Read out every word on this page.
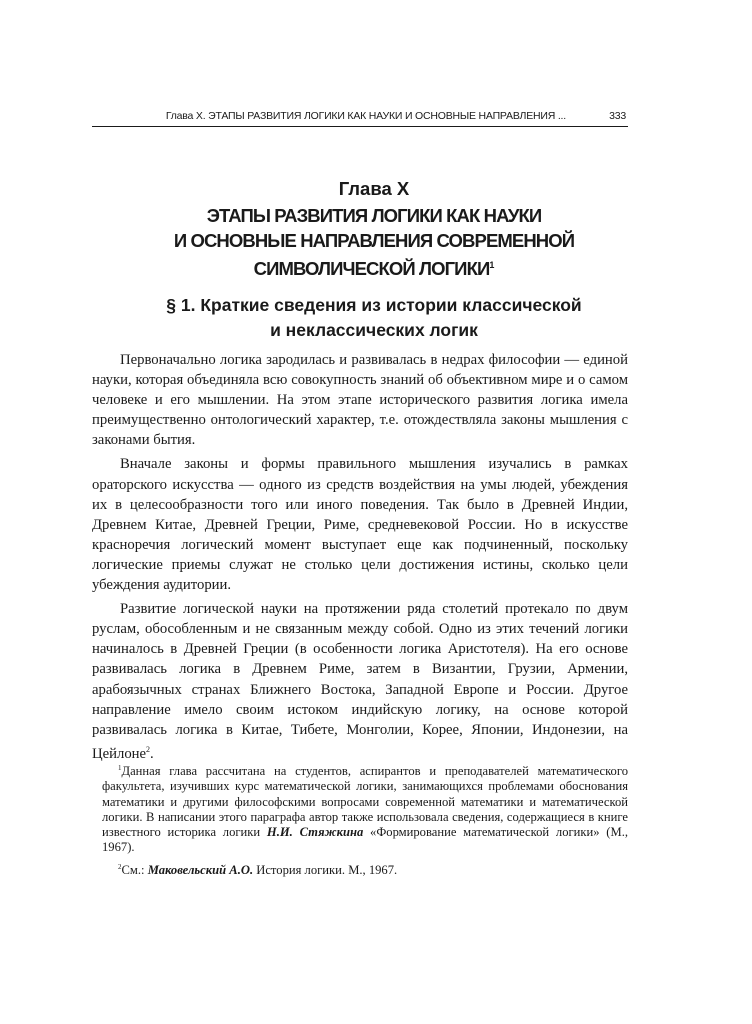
Глава X. ЭТАПЫ РАЗВИТИЯ ЛОГИКИ КАК НАУКИ И ОСНОВНЫЕ НАПРАВЛЕНИЯ ...	333
Глава X
ЭТАПЫ РАЗВИТИЯ ЛОГИКИ КАК НАУКИ
И ОСНОВНЫЕ НАПРАВЛЕНИЯ СОВРЕМЕННОЙ
СИМВОЛИЧЕСКОЙ ЛОГИКИ$^1$
§ 1. Краткие сведения из истории классической
и неклассических логик

Первоначально логика зародилась и развивалась в недрах философии — единой науки, которая объединяла всю совокупность знаний об объективном мире и о самом человеке и его мышлении. На этом этапе исторического развития логика имела преимущественно онтологический характер, т.е. отождествляла законы мышления с законами бытия.

Вначале законы и формы правильного мышления изучались в рамках ораторского искусства — одного из средств воздействия на умы людей, убеждения их в целесообразности того или иного поведения. Так было в Древней Индии, Древнем Китае, Древней Греции, Риме, средневековой России. Но в искусстве красноречия логический момент выступает еще как подчиненный, поскольку логические приемы служат не столько цели достижения истины, сколько цели убеждения аудитории.

Развитие логической науки на протяжении ряда столетий протекало по двум руслам, обособленным и не связанным между собой. Одно из этих течений логики начиналось в Древней Греции (в особенности логика Аристотеля). На его основе развивалась логика в Древнем Риме, затем в Византии, Грузии, Армении, арабоязычных странах Ближнего Востока, Западной Европе и России. Другое направление имело своим истоком индийскую логику, на основе которой развивалась логика в Китае, Тибете, Монголии, Корее, Японии, Индонезии, на Цейлоне$^2$.

$^1$Данная глава рассчитана на студентов, аспирантов и преподавателей математического факультета, изучивших курс математической логики, занимающихся проблемами обоснования математики и другими философскими вопросами современной математики и математической логики. В написании этого параграфа автор также использовала сведения, содержащиеся в книге известного историка логики Н.И. Стяжкина «Формирование математической логики» (М., 1967).

$^2$См.: Маковельский А.О. История логики. М., 1967.
